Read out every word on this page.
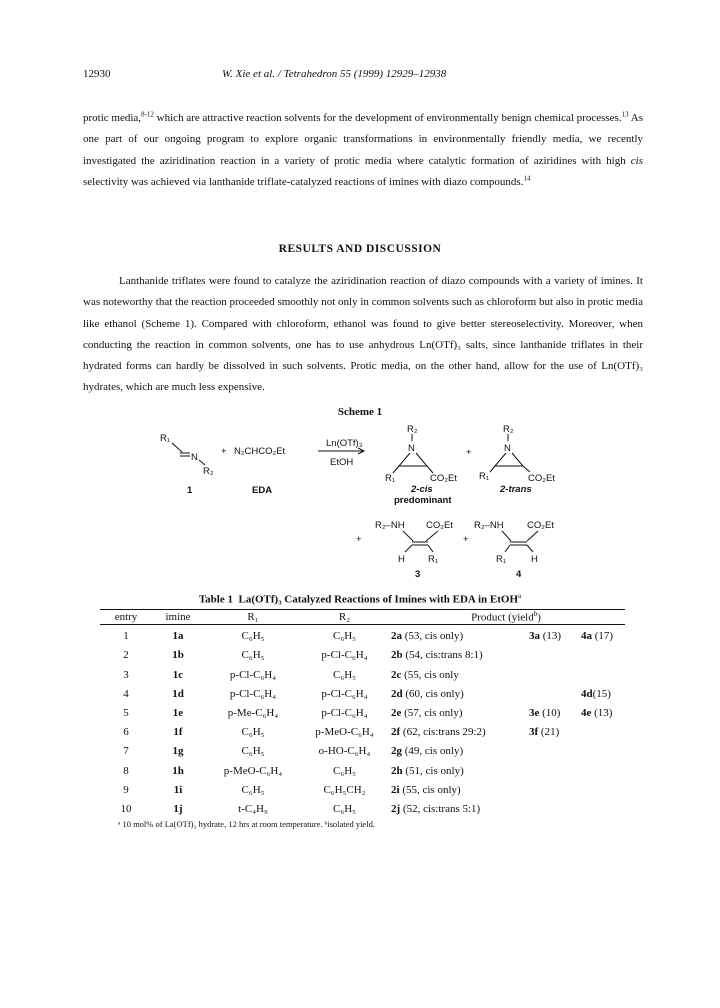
12930	W. Xie et al. / Tetrahedron 55 (1999) 12929–12938

protic media,$^{8-12}$ which are attractive reaction solvents for the development of environmentally benign chemical processes.$^{13}$ As one part of our ongoing program to explore organic transformations in environmentally friendly media, we recently investigated the aziridination reaction in a variety of protic media where catalytic formation of aziridines with high cis selectivity was achieved via lanthanide triflate-catalyzed reactions of imines with diazo compounds.$^{14}$

RESULTS AND DISCUSSION

Lanthanide triflates were found to catalyze the aziridination reaction of diazo compounds with a variety of imines. It was noteworthy that the reaction proceeded smoothly not only in common solvents such as chloroform but also in protic media like ethanol (Scheme 1). Compared with chloroform, ethanol was found to give better stereoselectivity. Moreover, when conducting the reaction in common solvents, one has to use anhydrous Ln(OTf)₃ salts, since lanthanide triflates in their hydrated forms can hardly be dissolved in such solvents. Protic media, on the other hand, allow for the use of Ln(OTf)₃ hydrates, which are much less expensive.

Scheme 1
R₁
N
R₂
1
+ N₂CHCO₂Et
EDA
Ln(OTf)₃
EtOH
R₂
N
R₁	CO₂Et
2-cis
predominant
+
R₂
N
R₁	CO₂Et
2-trans
+
R₂–NH CO₂Et
H R₁
3
+
R₂–NH CO₂Et
R₁	H
4
Table 1 La(OTf)₃ Catalyzed Reactions of Imines with EDA in EtOH$^a$
entry	imine	R₁	R₂	Product (yield$^b$)		
1	1a	C₆H₅	C₆H₅	2a (53, cis only)	3a (13)	4a (17)
2	1b	C₆H₅	p-Cl-C₆H₄	2b (54, cis:trans 8:1)		
3	1c	p-Cl-C₆H₄	C₆H₅	2c (55, cis only		
4	1d	p-Cl-C₆H₄	p-Cl-C₆H₄	2d (60, cis only)		4d(15)
5	1e	p-Me-C₆H₄	p-Cl-C₆H₄	2e (57, cis only)	3e (10)	4e (13)
6	1f	C₆H₅	p-MeO-C₆H₄	2f (62, cis:trans 29:2)	3f (21)	
7	1g	C₆H₅	o-HO-C₆H₄	2g (49, cis only)		
8	1h	p-MeO-C₆H₄	C₆H₅	2h (51, cis only)		
9	1i	C₆H₅	C₆H₅CH₂	2i (55, cis only)		
10	1j	t-C₄H₉	C₆H₅	2j (52, cis:trans 5:1)		
ᵃ 10 mol% of La(OTf)₃ hydrate, 12 hrs at room temperature. ᵇisolated yield.
